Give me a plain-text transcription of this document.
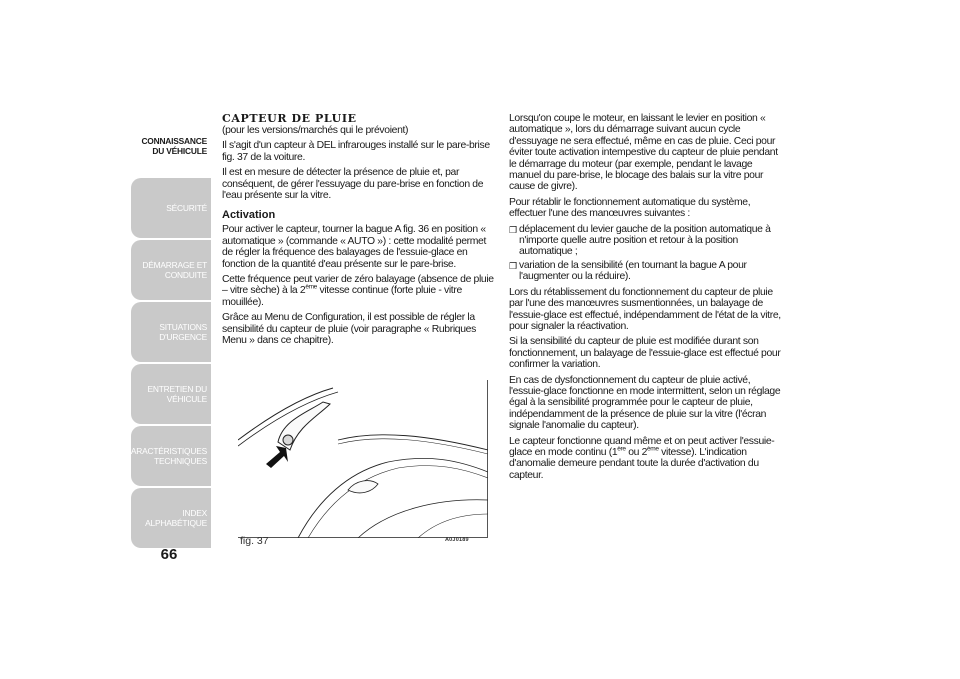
CONNAISSANCE
DU VÉHICULE
SÉCURITÉ
DÉMARRAGE ET
CONDUITE
SITUATIONS
D'URGENCE
ENTRETIEN DU
VÉHICULE
CARACTÉRISTIQUES
TECHNIQUES
INDEX
ALPHABÉTIQUE
66
CAPTEUR DE PLUIE

(pour les versions/marchés qui le prévoient)

Il s'agit d'un capteur à DEL infrarouges installé sur le pare-brise fig. 37 de la voiture.

Il est en mesure de détecter la présence de pluie et, par conséquent, de gérer l'essuyage du pare-brise en fonction de l'eau présente sur la vitre.

Activation

Pour activer le capteur, tourner la bague A fig. 36 en position « automatique » (commande « AUTO ») : cette modalité permet de régler la fréquence des balayages de l'essuie-glace en fonction de la quantité d'eau présente sur le pare-brise.

Cette fréquence peut varier de zéro balayage (absence de pluie – vitre sèche) à la 2ème vitesse continue (forte pluie - vitre mouillée).

Grâce au Menu de Configuration, il est possible de régler la sensibilité du capteur de pluie (voir paragraphe « Rubriques Menu » dans ce chapitre).

fig. 37	A0J0189

Lorsqu'on coupe le moteur, en laissant le levier en position « automatique », lors du démarrage suivant aucun cycle d'essuyage ne sera effectué, même en cas de pluie. Ceci pour éviter toute activation intempestive du capteur de pluie pendant le démarrage du moteur (par exemple, pendant le lavage manuel du pare-brise, le blocage des balais sur la vitre pour cause de givre).

Pour rétablir le fonctionnement automatique du système, effectuer l'une des manœuvres suivantes :

❒ déplacement du levier gauche de la position automatique à n'importe quelle autre position et retour à la position automatique ;
❒ variation de la sensibilité (en tournant la bague A pour l'augmenter ou la réduire).

Lors du rétablissement du fonctionnement du capteur de pluie par l'une des manœuvres susmentionnées, un balayage de l'essuie-glace est effectué, indépendamment de l'état de la vitre, pour signaler la réactivation.

Si la sensibilité du capteur de pluie est modifiée durant son fonctionnement, un balayage de l'essuie-glace est effectué pour confirmer la variation.

En cas de dysfonctionnement du capteur de pluie activé, l'essuie-glace fonctionne en mode intermittent, selon un réglage égal à la sensibilité programmée pour le capteur de pluie, indépendamment de la présence de pluie sur la vitre (l'écran signale l'anomalie du capteur).

Le capteur fonctionne quand même et on peut activer l'essuie-glace en mode continu (1ère ou 2ème vitesse). L'indication d'anomalie demeure pendant toute la durée d'activation du capteur.
